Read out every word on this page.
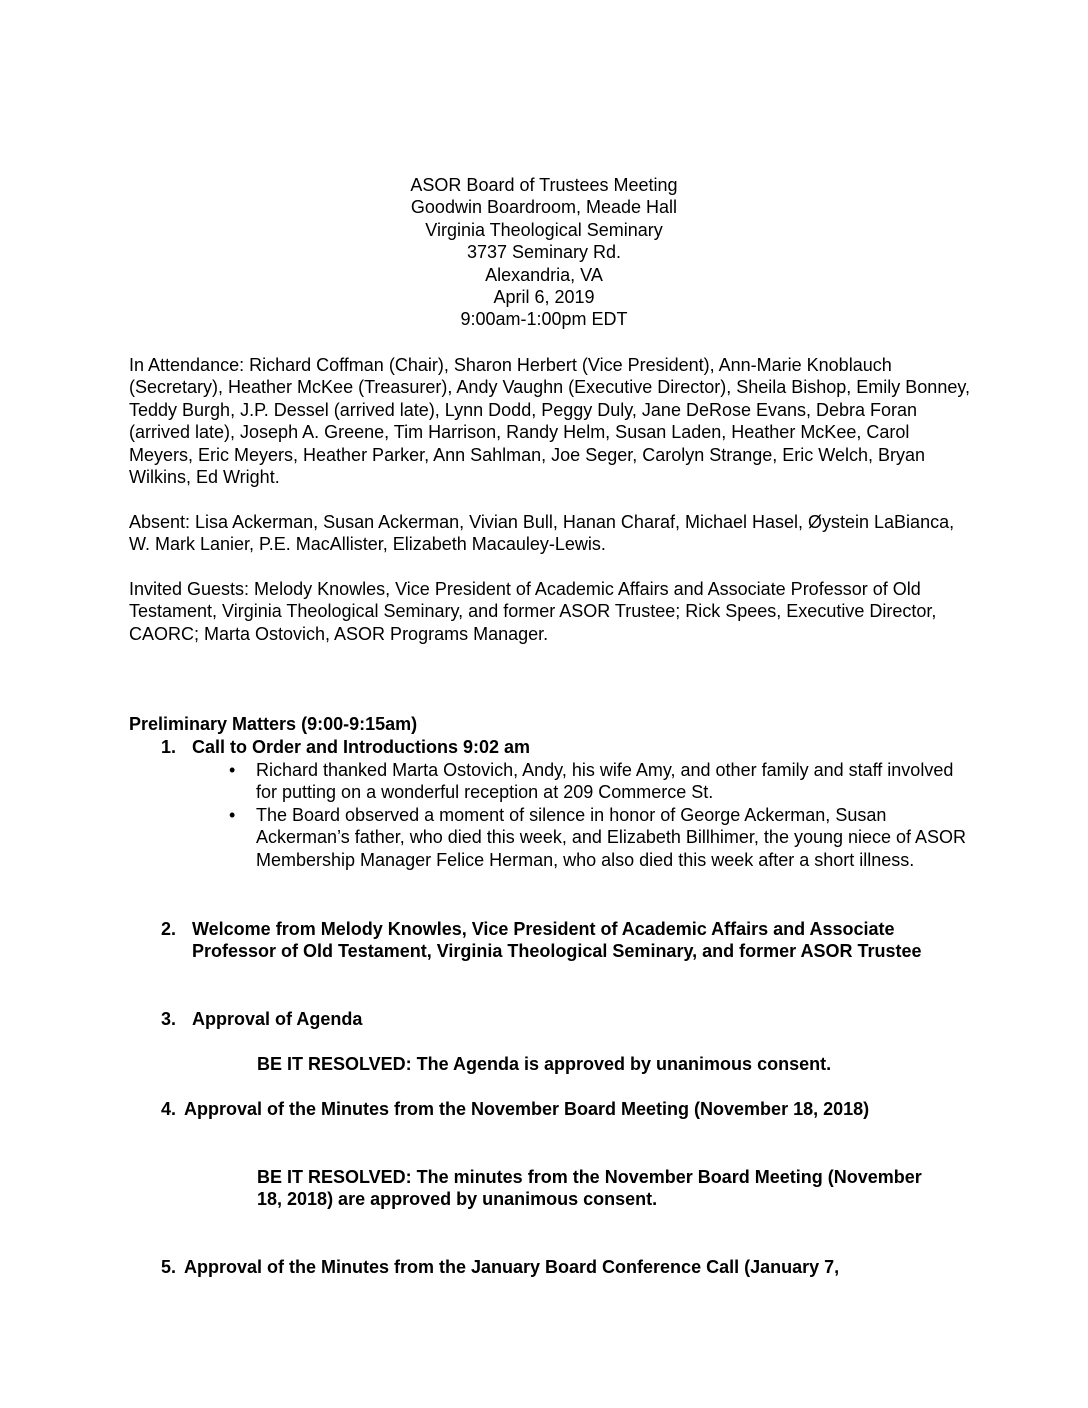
ASOR Board of Trustees Meeting
Goodwin Boardroom, Meade Hall
Virginia Theological Seminary
3737 Seminary Rd.
Alexandria, VA
April 6, 2019
9:00am-1:00pm EDT
In Attendance: Richard Coffman (Chair), Sharon Herbert (Vice President), Ann-Marie Knoblauch (Secretary), Heather McKee (Treasurer), Andy Vaughn (Executive Director), Sheila Bishop, Emily Bonney, Teddy Burgh, J.P. Dessel (arrived late), Lynn Dodd, Peggy Duly, Jane DeRose Evans, Debra Foran (arrived late), Joseph A. Greene, Tim Harrison, Randy Helm, Susan Laden, Heather McKee, Carol Meyers, Eric Meyers, Heather Parker, Ann Sahlman, Joe Seger, Carolyn Strange, Eric Welch, Bryan Wilkins, Ed Wright.
Absent: Lisa Ackerman, Susan Ackerman, Vivian Bull, Hanan Charaf, Michael Hasel, Øystein LaBianca, W. Mark Lanier, P.E. MacAllister, Elizabeth Macauley-Lewis.
Invited Guests: Melody Knowles, Vice President of Academic Affairs and Associate Professor of Old Testament, Virginia Theological Seminary, and former ASOR Trustee; Rick Spees, Executive Director, CAORC; Marta Ostovich, ASOR Programs Manager.
Preliminary Matters (9:00-9:15am)
1. Call to Order and Introductions 9:02 am
• Richard thanked Marta Ostovich, Andy, his wife Amy, and other family and staff involved for putting on a wonderful reception at 209 Commerce St.
• The Board observed a moment of silence in honor of George Ackerman, Susan Ackerman’s father, who died this week, and Elizabeth Billhimer, the young niece of ASOR Membership Manager Felice Herman, who also died this week after a short illness.
2. Welcome from Melody Knowles, Vice President of Academic Affairs and Associate Professor of Old Testament, Virginia Theological Seminary, and former ASOR Trustee
3. Approval of Agenda
BE IT RESOLVED: The Agenda is approved by unanimous consent.
4. Approval of the Minutes from the November Board Meeting (November 18, 2018)
BE IT RESOLVED: The minutes from the November Board Meeting (November 18, 2018) are approved by unanimous consent.
5. Approval of the Minutes from the January Board Conference Call (January 7,
